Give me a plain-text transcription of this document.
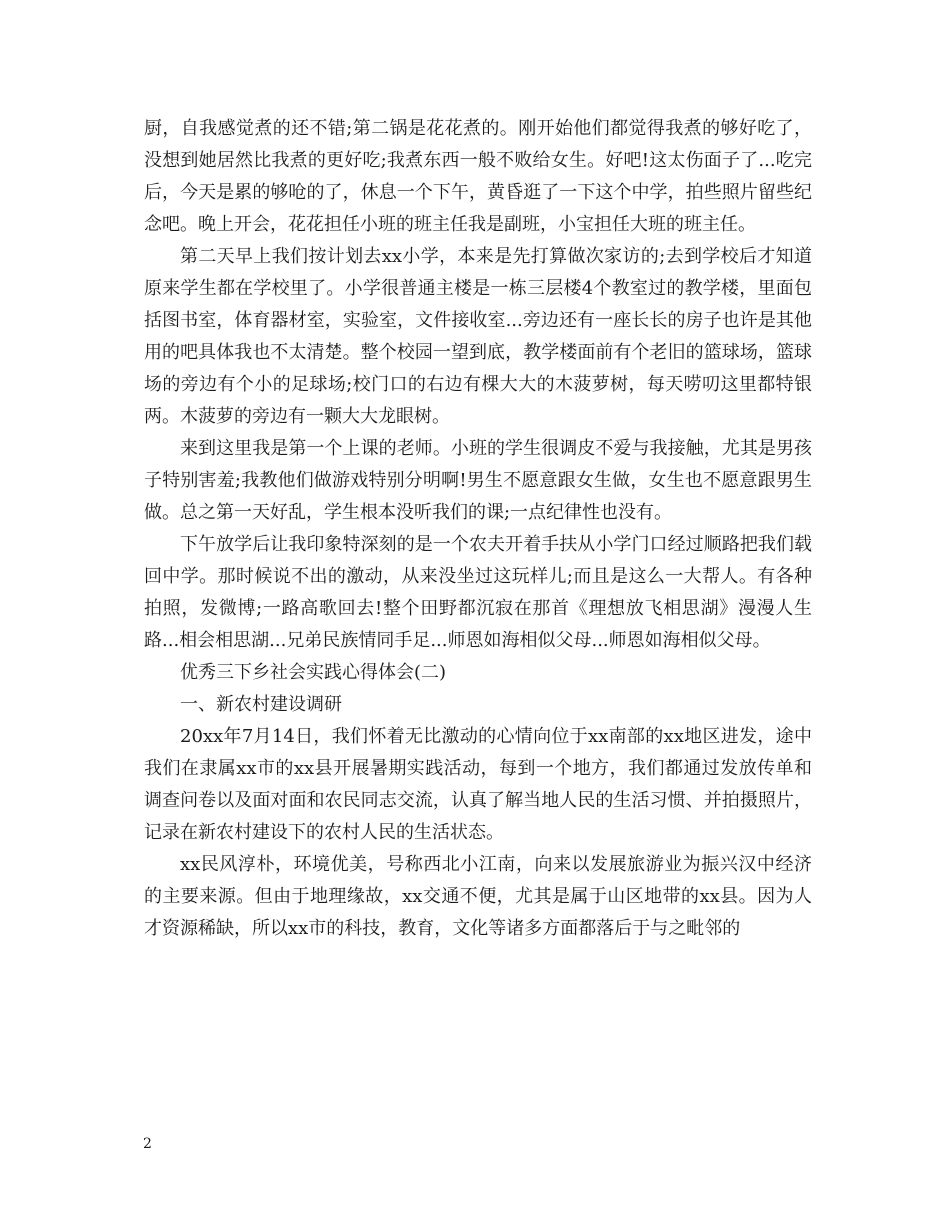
厨，自我感觉煮的还不错;第二锅是花花煮的。刚开始他们都觉得我煮的够好吃了，没想到她居然比我煮的更好吃;我煮东西一般不败给女生。好吧!这太伤面子了...吃完后，今天是累的够呛的了，休息一个下午，黄昏逛了一下这个中学，拍些照片留些纪念吧。晚上开会，花花担任小班的班主任我是副班，小宝担任大班的班主任。

第二天早上我们按计划去xx小学，本来是先打算做次家访的;去到学校后才知道原来学生都在学校里了。小学很普通主楼是一栋三层楼4个教室过的教学楼，里面包括图书室，体育器材室，实验室，文件接收室...旁边还有一座长长的房子也许是其他用的吧具体我也不太清楚。整个校园一望到底，教学楼面前有个老旧的篮球场，篮球场的旁边有个小的足球场;校门口的右边有棵大大的木菠萝树，每天唠叨这里都特银两。木菠萝的旁边有一颗大大龙眼树。

来到这里我是第一个上课的老师。小班的学生很调皮不爱与我接触，尤其是男孩子特别害羞;我教他们做游戏特别分明啊!男生不愿意跟女生做，女生也不愿意跟男生做。总之第一天好乱，学生根本没听我们的课;一点纪律性也没有。

下午放学后让我印象特深刻的是一个农夫开着手扶从小学门口经过顺路把我们载回中学。那时候说不出的激动，从来没坐过这玩样儿;而且是这么一大帮人。有各种拍照，发微博;一路高歌回去!整个田野都沉寂在那首《理想放飞相思湖》漫漫人生路...相会相思湖...兄弟民族情同手足...师恩如海相似父母...师恩如海相似父母。

优秀三下乡社会实践心得体会(二)

一、新农村建设调研

20xx年7月14日，我们怀着无比激动的心情向位于xx南部的xx地区进发，途中我们在隶属xx市的xx县开展暑期实践活动，每到一个地方，我们都通过发放传单和调查问卷以及面对面和农民同志交流，认真了解当地人民的生活习惯、并拍摄照片，记录在新农村建设下的农村人民的生活状态。

xx民风淳朴，环境优美，号称西北小江南，向来以发展旅游业为振兴汉中经济的主要来源。但由于地理缘故，xx交通不便，尤其是属于山区地带的xx县。因为人才资源稀缺，所以xx市的科技，教育，文化等诸多方面都落后于与之毗邻的

2
